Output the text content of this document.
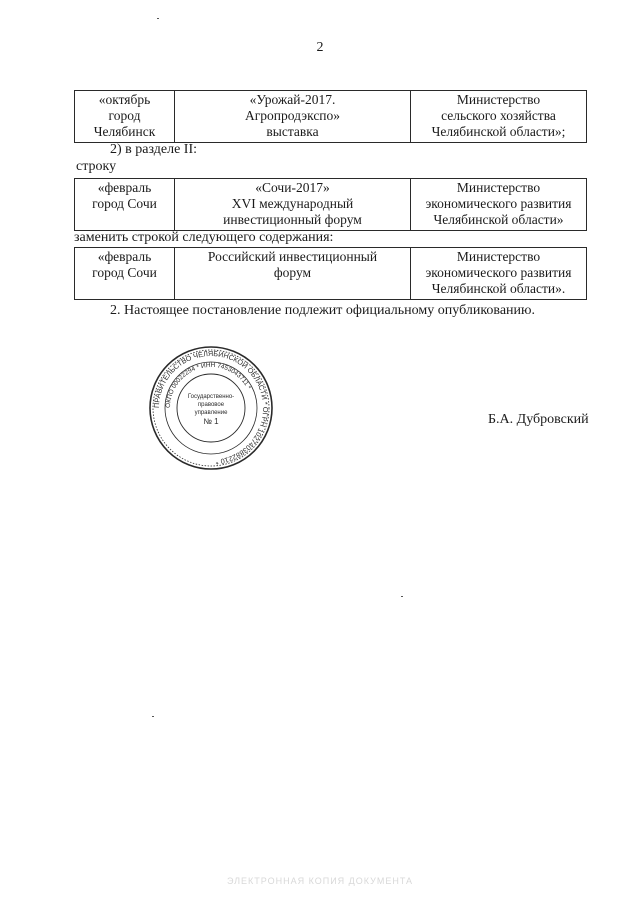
2
«октябрь
город
Челябинск	«Урожай-2017.
Агропродэкспо»
выставка	Министерство
сельского хозяйства
Челябинской области»;
2) в разделе II:
строку
«февраль
город Сочи	«Сочи-2017»
XVI международный
инвестиционный форум	Министерство
экономического развития
Челябинской области»
заменить строкой следующего содержания:
«февраль
город Сочи	Российский инвестиционный
форум	Министерство
экономического развития
Челябинской области».
2. Настоящее постановление подлежит официальному опубликованию.
ПРАВИТЕЛЬСТВО ЧЕЛЯБИНСКОЙ ОБЛАСТИ * ОГРН 1027403882210 *
ОКПО 00022294 * ИНН 7453043711 *
Государственно-
правовое
управление
№ 1	Б.А. Дубровский
ЭЛЕКТРОННАЯ КОПИЯ ДОКУМЕНТА
